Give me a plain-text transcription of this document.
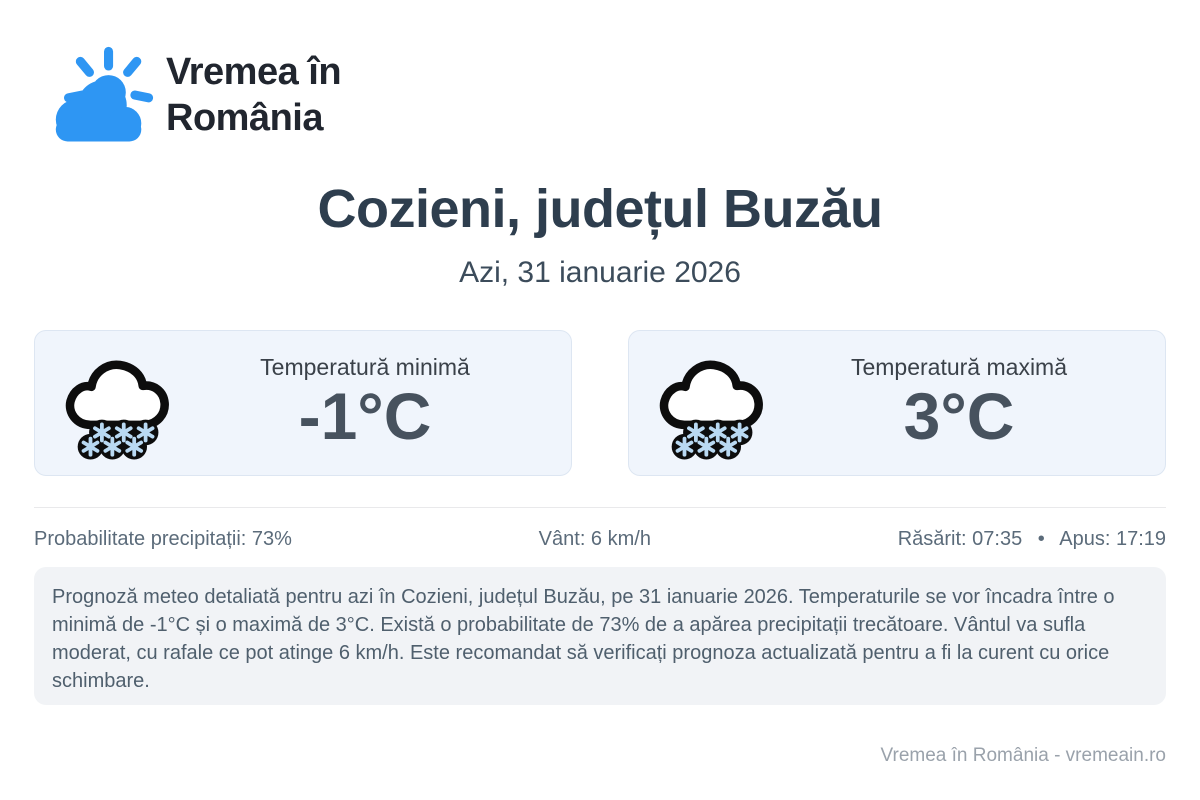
Vremea în
România
Cozieni, județul Buzău
Azi, 31 ianuarie 2026
Temperatură minimă
-1°C
Temperatură maximă
3°C
Probabilitate precipitații: 73%	Vânt: 6 km/h	Răsărit: 07:35 • Apus: 17:19
Prognoză meteo detaliată pentru azi în Cozieni, județul Buzău, pe 31 ianuarie 2026. Temperaturile se vor încadra între o minimă de -1°C și o maximă de 3°C. Există o probabilitate de 73% de a apărea precipitații trecătoare. Vântul va sufla moderat, cu rafale ce pot atinge 6 km/h. Este recomandat să verificați prognoza actualizată pentru a fi la curent cu orice schimbare.
Vremea în România - vremeain.ro
